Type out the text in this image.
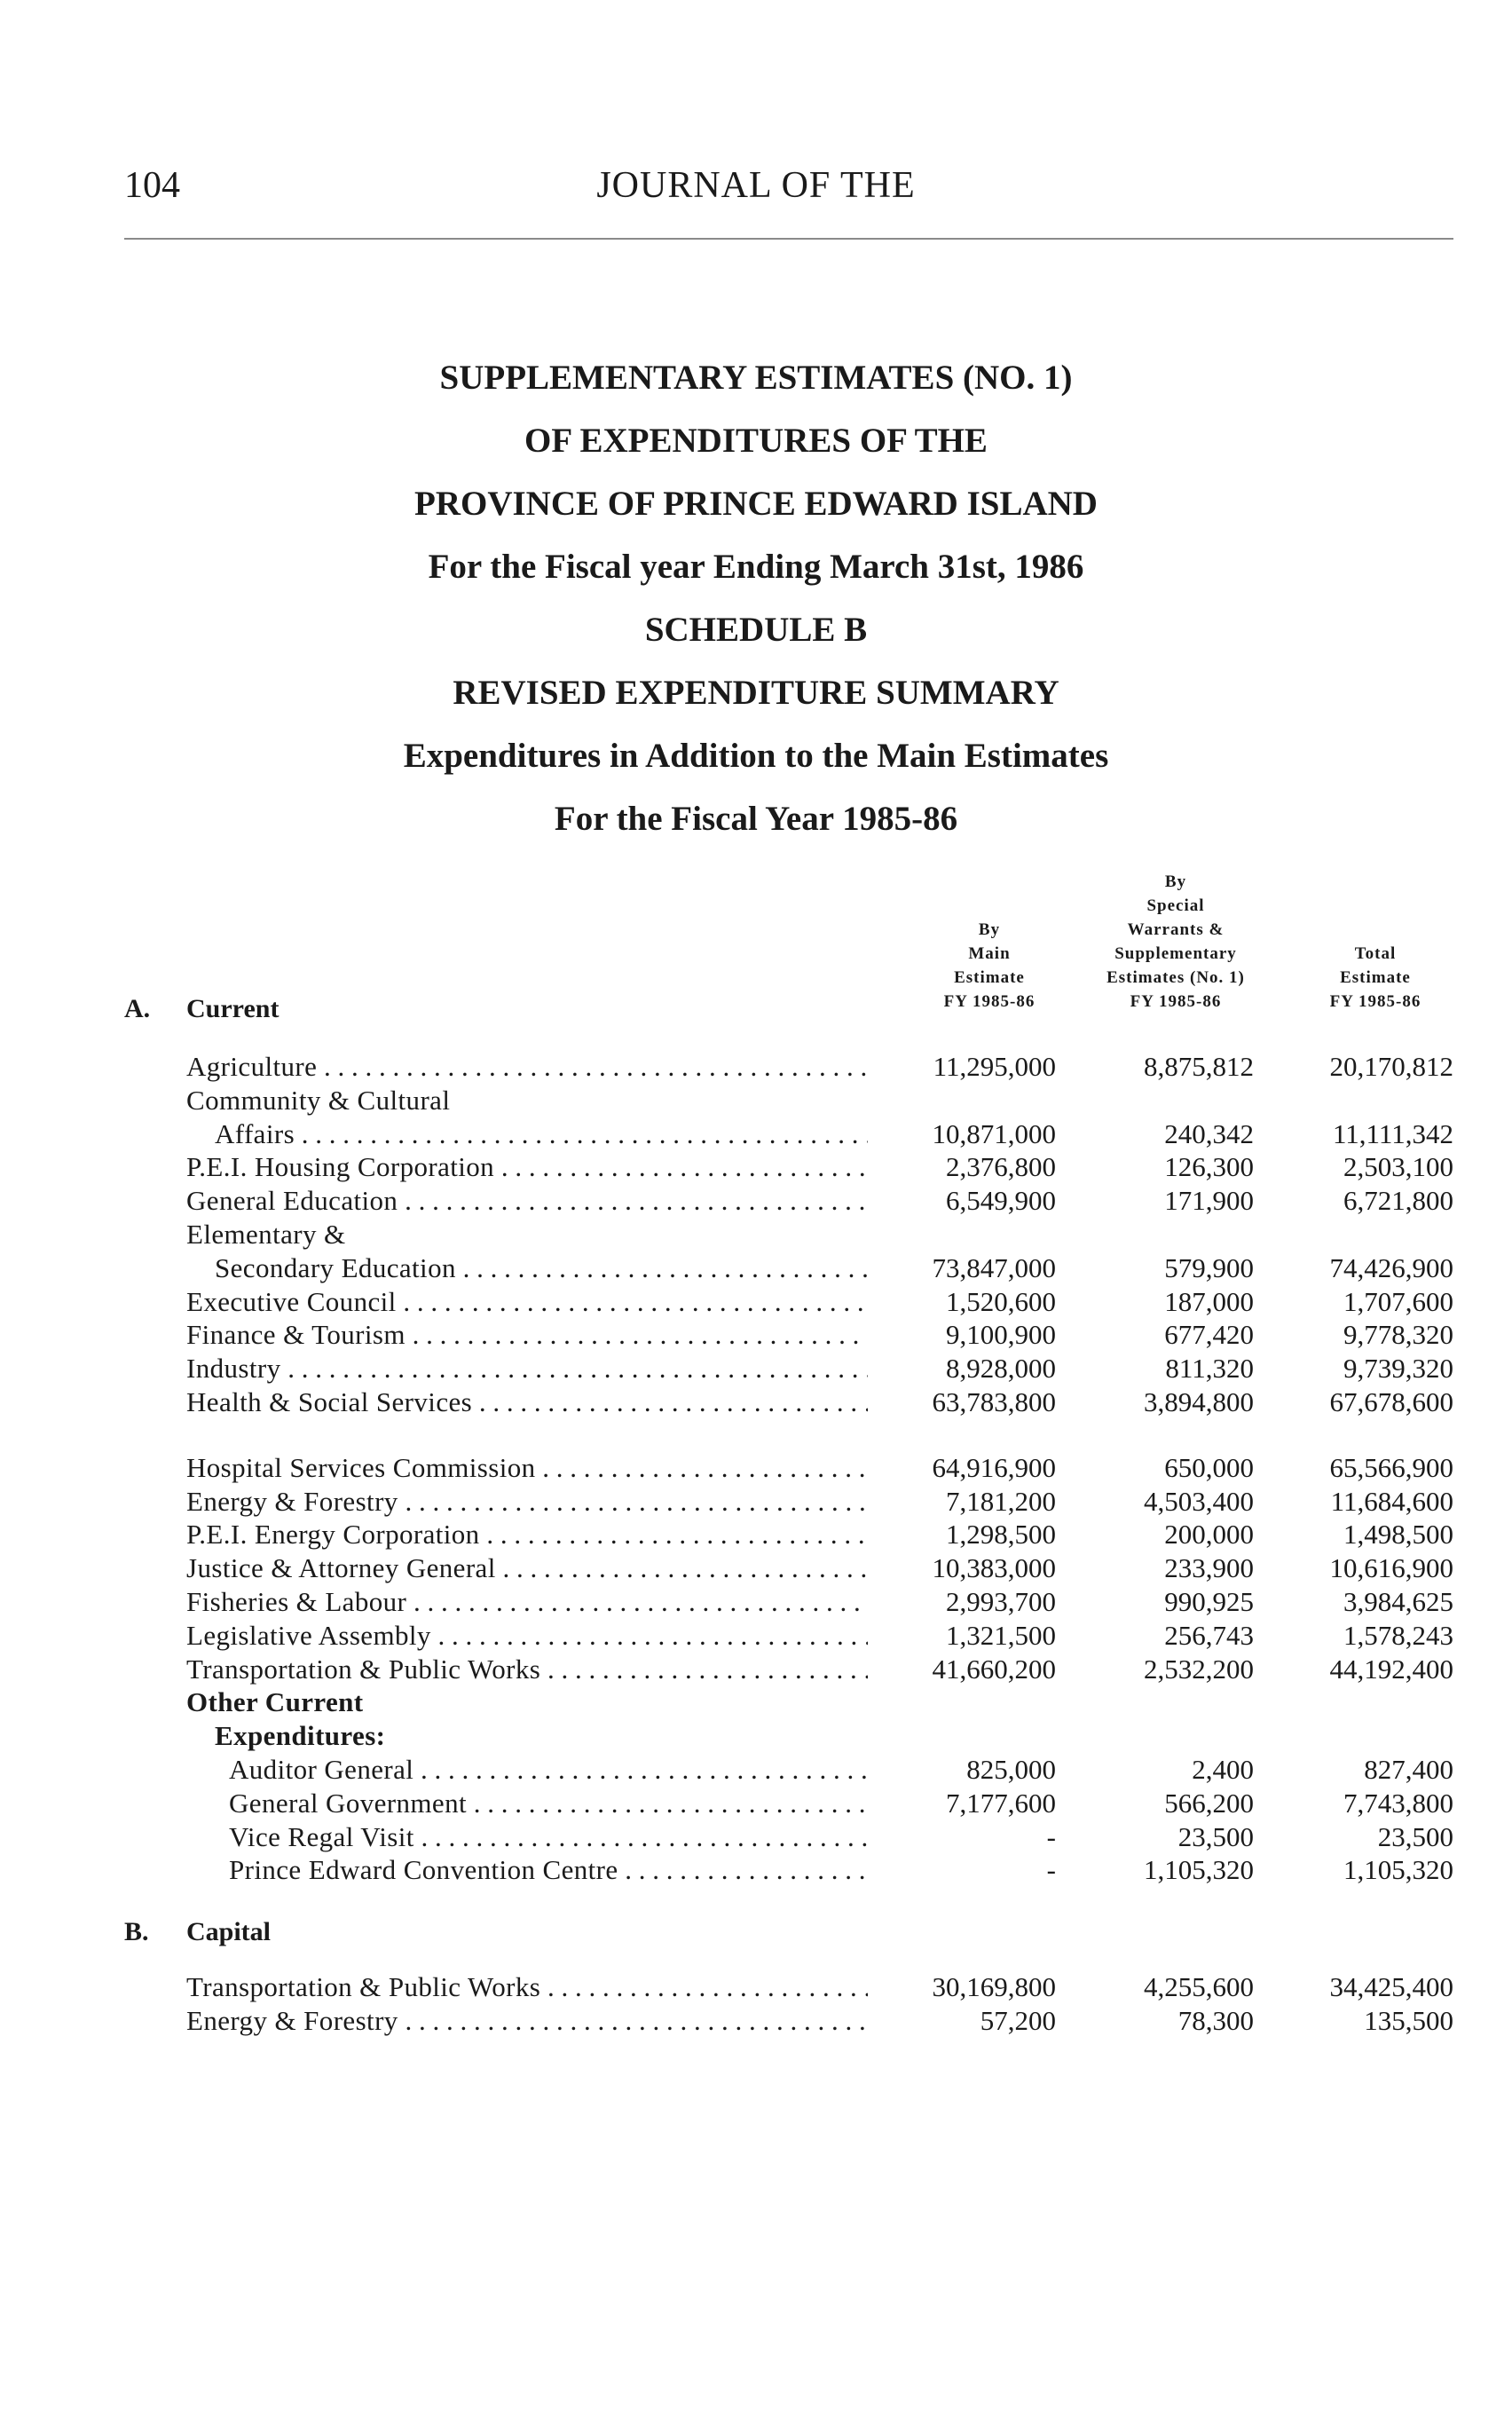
104	JOURNAL OF THE
SUPPLEMENTARY ESTIMATES (NO. 1)
OF EXPENDITURES OF THE
PROVINCE OF PRINCE EDWARD ISLAND
For the Fiscal year Ending March 31st, 1986
SCHEDULE B
REVISED EXPENDITURE SUMMARY
Expenditures in Addition to the Main Estimates
For the Fiscal Year 1985-86
By
Main
Estimate
FY 1985-86
By
Special
Warrants &
Supplementary
Estimates (No. 1)
FY 1985-86
Total
Estimate
FY 1985-86
A. Current
Agriculture . . .	11,295,000	8,875,812	20,170,812
Community & Cultural
Affairs . . .	10,871,000	240,342	11,111,342
P.E.I. Housing Corporation . . .	2,376,800	126,300	2,503,100
General Education . . .	6,549,900	171,900	6,721,800
Elementary &
Secondary Education . . .	73,847,000	579,900	74,426,900
Executive Council . . .	1,520,600	187,000	1,707,600
Finance & Tourism . . .	9,100,900	677,420	9,778,320
Industry . . .	8,928,000	811,320	9,739,320
Health & Social Services . . .	63,783,800	3,894,800	67,678,600
Hospital Services Commission . . .	64,916,900	650,000	65,566,900
Energy & Forestry . . .	7,181,200	4,503,400	11,684,600
P.E.I. Energy Corporation . . .	1,298,500	200,000	1,498,500
Justice & Attorney General . . .	10,383,000	233,900	10,616,900
Fisheries & Labour . . .	2,993,700	990,925	3,984,625
Legislative Assembly . . .	1,321,500	256,743	1,578,243
Transportation & Public Works . . .	41,660,200	2,532,200	44,192,400
Other Current
Expenditures:
Auditor General . . .	825,000	2,400	827,400
General Government . . .	7,177,600	566,200	7,743,800
Vice Regal Visit . . .	-	23,500	23,500
Prince Edward Convention Centre . . .	-	1,105,320	1,105,320
B. Capital
Transportation & Public Works . . .	30,169,800	4,255,600	34,425,400
Energy & Forestry . . .	57,200	78,300	135,500
